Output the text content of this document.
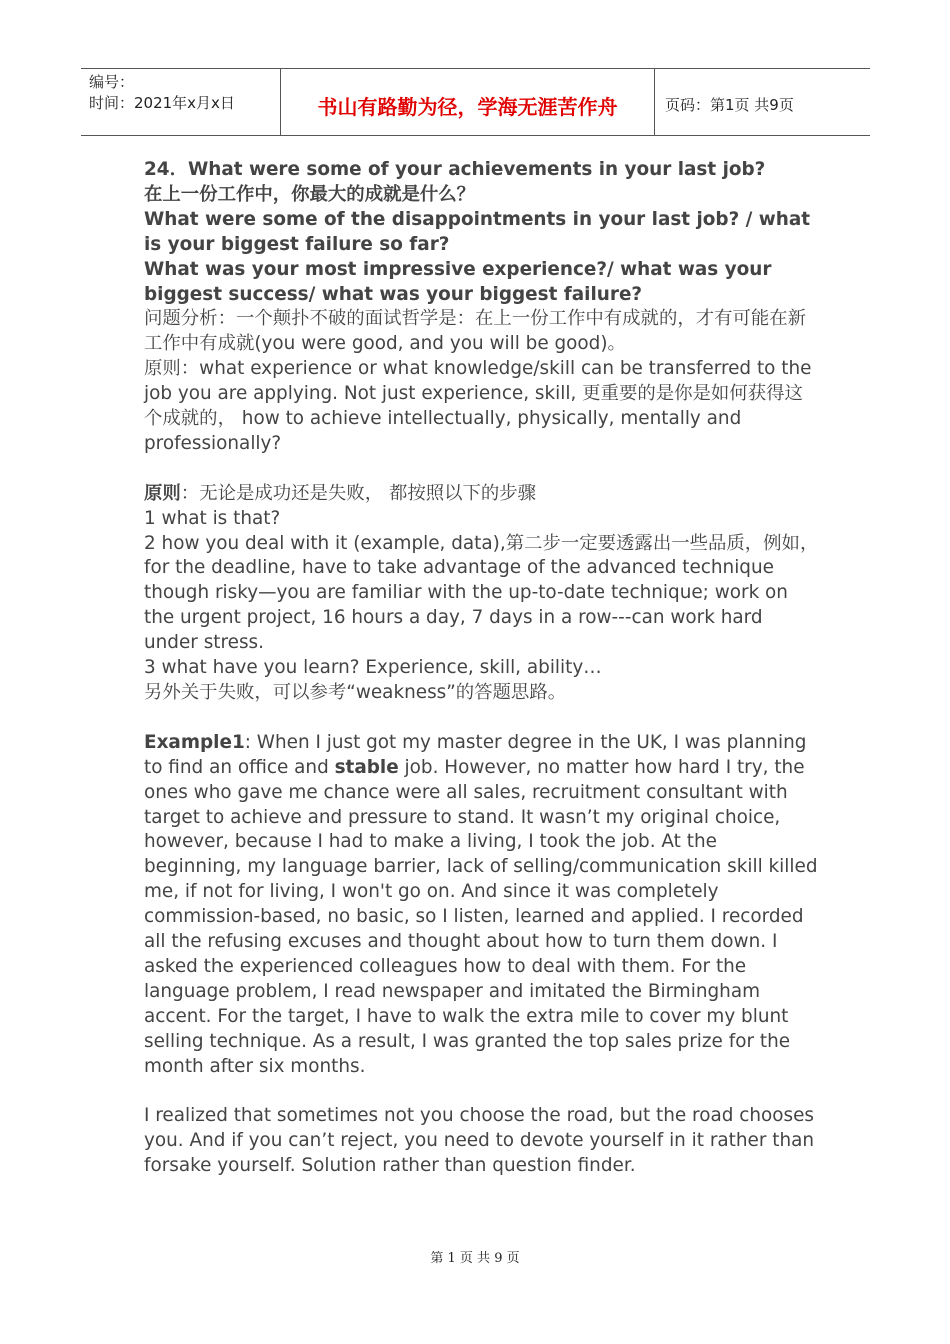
编号：
时间：2021年x月x日	书山有路勤为径，学海无涯苦作舟	页码：第1页 共9页

24．What were some of your achievements in your last job?

在上一份工作中，你最大的成就是什么？

What were some of the disappointments in your last job? / what is your biggest failure so far?

What was your most impressive experience?/ what was your biggest success/ what was your biggest failure?

问题分析：一个颠扑不破的面试哲学是：在上一份工作中有成就的，才有可能在新工作中有成就(you were good, and you will be good)。

原则：what experience or what knowledge/skill can be transferred to the job you are applying. Not just experience, skill, 更重要的是你是如何获得这个成就的， how to achieve intellectually, physically, mentally and professionally?

原则：无论是成功还是失败， 都按照以下的步骤

1 what is that?

2 how you deal with it (example, data),第二步一定要透露出一些品质，例如，for the deadline, have to take advantage of the advanced technique though risky—you are familiar with the up-to-date technique; work on the urgent project, 16 hours a day, 7 days in a row---can work hard under stress.

3 what have you learn? Experience, skill, ability…

另外关于失败，可以参考“weakness”的答题思路。

Example1: When I just got my master degree in the UK, I was planning to find an office and stable job. However, no matter how hard I try, the ones who gave me chance were all sales, recruitment consultant with target to achieve and pressure to stand. It wasn’t my original choice, however, because I had to make a living, I took the job. At the beginning, my language barrier, lack of selling/communication skill killed me, if not for living, I won't go on. And since it was completely commission-based, no basic, so I listen, learned and applied. I recorded all the refusing excuses and thought about how to turn them down. I asked the experienced colleagues how to deal with them. For the language problem, I read newspaper and imitated the Birmingham accent. For the target, I have to walk the extra mile to cover my blunt selling technique. As a result, I was granted the top sales prize for the month after six months.

I realized that sometimes not you choose the road, but the road chooses you. And if you can’t reject, you need to devote yourself in it rather than forsake yourself. Solution rather than question finder.

第 1 页 共 9 页
